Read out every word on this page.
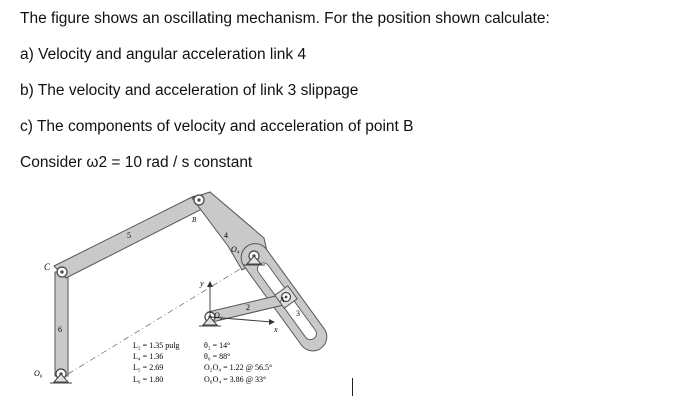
The figure shows an oscillating mechanism. For the position shown calculate:
a) Velocity and angular acceleration link 4
b) The velocity and acceleration of link 3 slippage
c) The components of velocity and acceleration of point B
Consider ω2 = 10 rad / s constant
C
B
A
O₂
O₄
O₆
2
3
4
5
6	x
y
L₂ = 1.35 pulg
L₄ = 1.36
L₅ = 2.69
L₆ = 1.80
θ₂ = 14°
θ₆ = 88°
O₂O₄ = 1.22 @ 56.5°
O₆O₄ = 3.86 @ 33°
